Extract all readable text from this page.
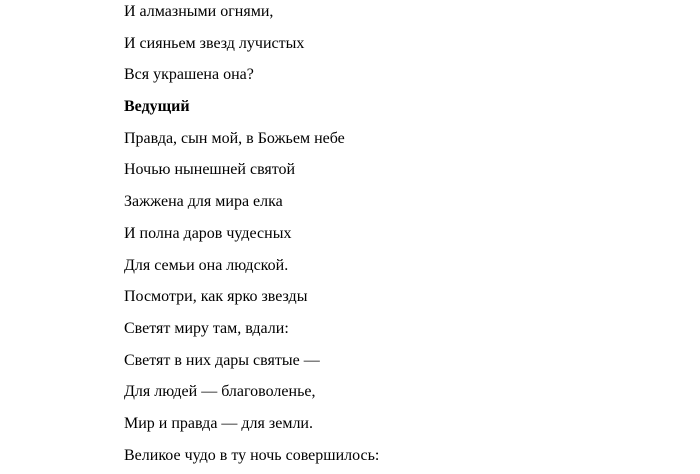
И алмазными огнями,
И сияньем звезд лучистых
Вся украшена она?
Ведущий
Правда, сын мой, в Божьем небе
Ночью нынешней святой
Зажжена для мира елка
И полна даров чудесных
Для семьи она людской.
Посмотри, как ярко звезды
Светят миру там, вдали:
Светят в них дары святые —
Для людей — благоволенье,
Мир и правда — для земли.
Великое чудо в ту ночь совершилось:
